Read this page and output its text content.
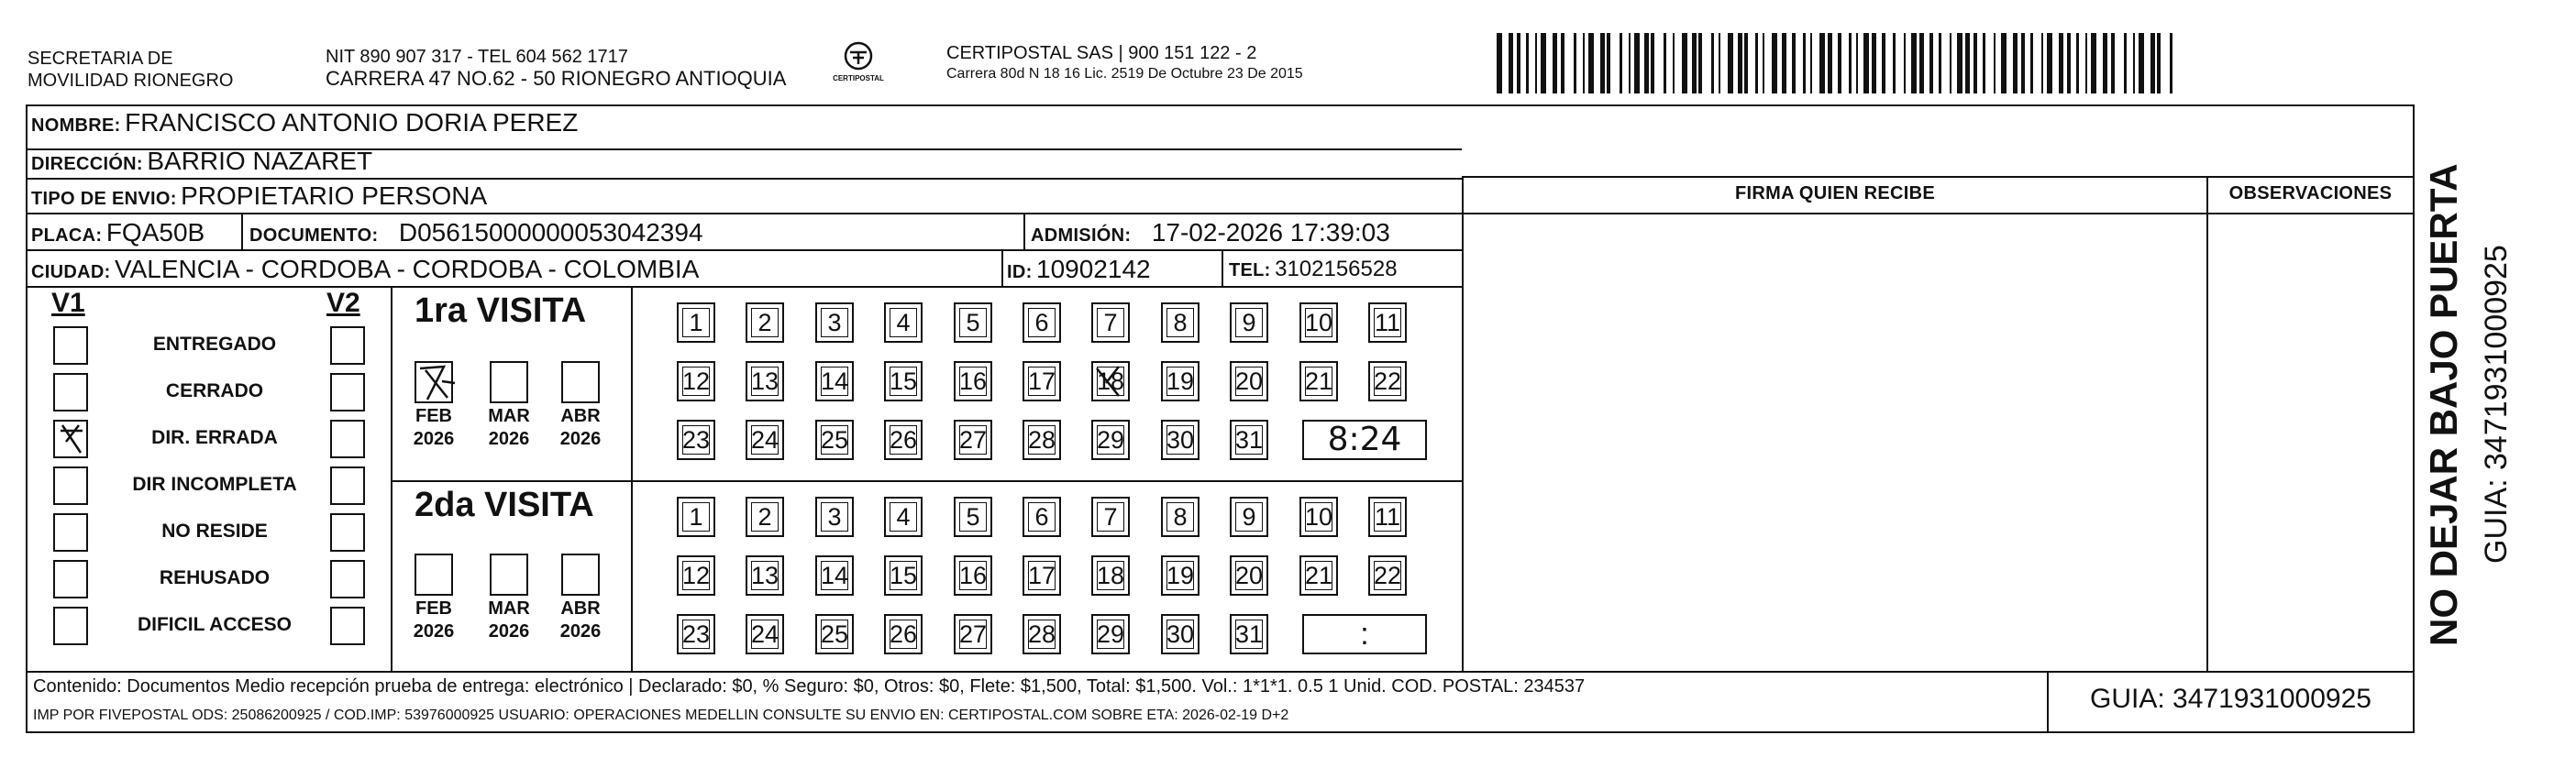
SECRETARIA DE
MOVILIDAD RIONEGRO
NIT 890 907 317 - TEL 604 562 1717
CARRERA 47 NO.62 - 50 RIONEGRO ANTIOQUIA	CERTIPOSTAL
CERTIPOSTAL SAS | 900 151 122 - 2
Carrera 80d N 18 16 Lic. 2519 De Octubre 23 De 2015
NOMBRE: FRANCISCO ANTONIO DORIA PEREZ
DIRECCIÓN: BARRIO NAZARET
TIPO DE ENVIO: PROPIETARIO PERSONA
PLACA: FQA50B DOCUMENTO: D05615000000053042394	ADMISIÓN: 17-02-2026 17:39:03
CIUDAD: VALENCIA - CORDOBA - CORDOBA - COLOMBIA	ID: 10902142	TEL: 3102156528
FIRMA QUIEN RECIBE	OBSERVACIONES
V1	V2
ENTREGADO
CERRADO
DIR. ERRADA
DIR INCOMPLETA
NO RESIDE
REHUSADO
DIFICIL ACCESO
1ra VISITA
2da VISITA
FEB
2026
MAR
2026
ABR
2026
FEB
2026
MAR
2026
ABR
2026
1	2	3	4	5	6	7	8	9	10 11
12 13 14 15 16 17 18 19 20 21 22
23 24 25 26 27 28 29 30 31	8:24
1	2	3	4	5	6	7	8	9	10 11
12 13 14 15 16 17 18 19 20 21 22
23 24 25 26 27 28 29 30 31	:
Contenido: Documentos Medio recepción prueba de entrega: electrónico | Declarado: $0, % Seguro: $0, Otros: $0, Flete: $1,500, Total: $1,500. Vol.: 1*1*1. 0.5 1 Unid. COD. POSTAL: 234537
IMP POR FIVEPOSTAL ODS: 25086200925 / COD.IMP: 53976000925 USUARIO: OPERACIONES MEDELLIN CONSULTE SU ENVIO EN: CERTIPOSTAL.COM SOBRE ETA: 2026-02-19 D+2
GUIA: 3471931000925
NO DEJAR BAJO PUERTA GUIA: 3471931000925
